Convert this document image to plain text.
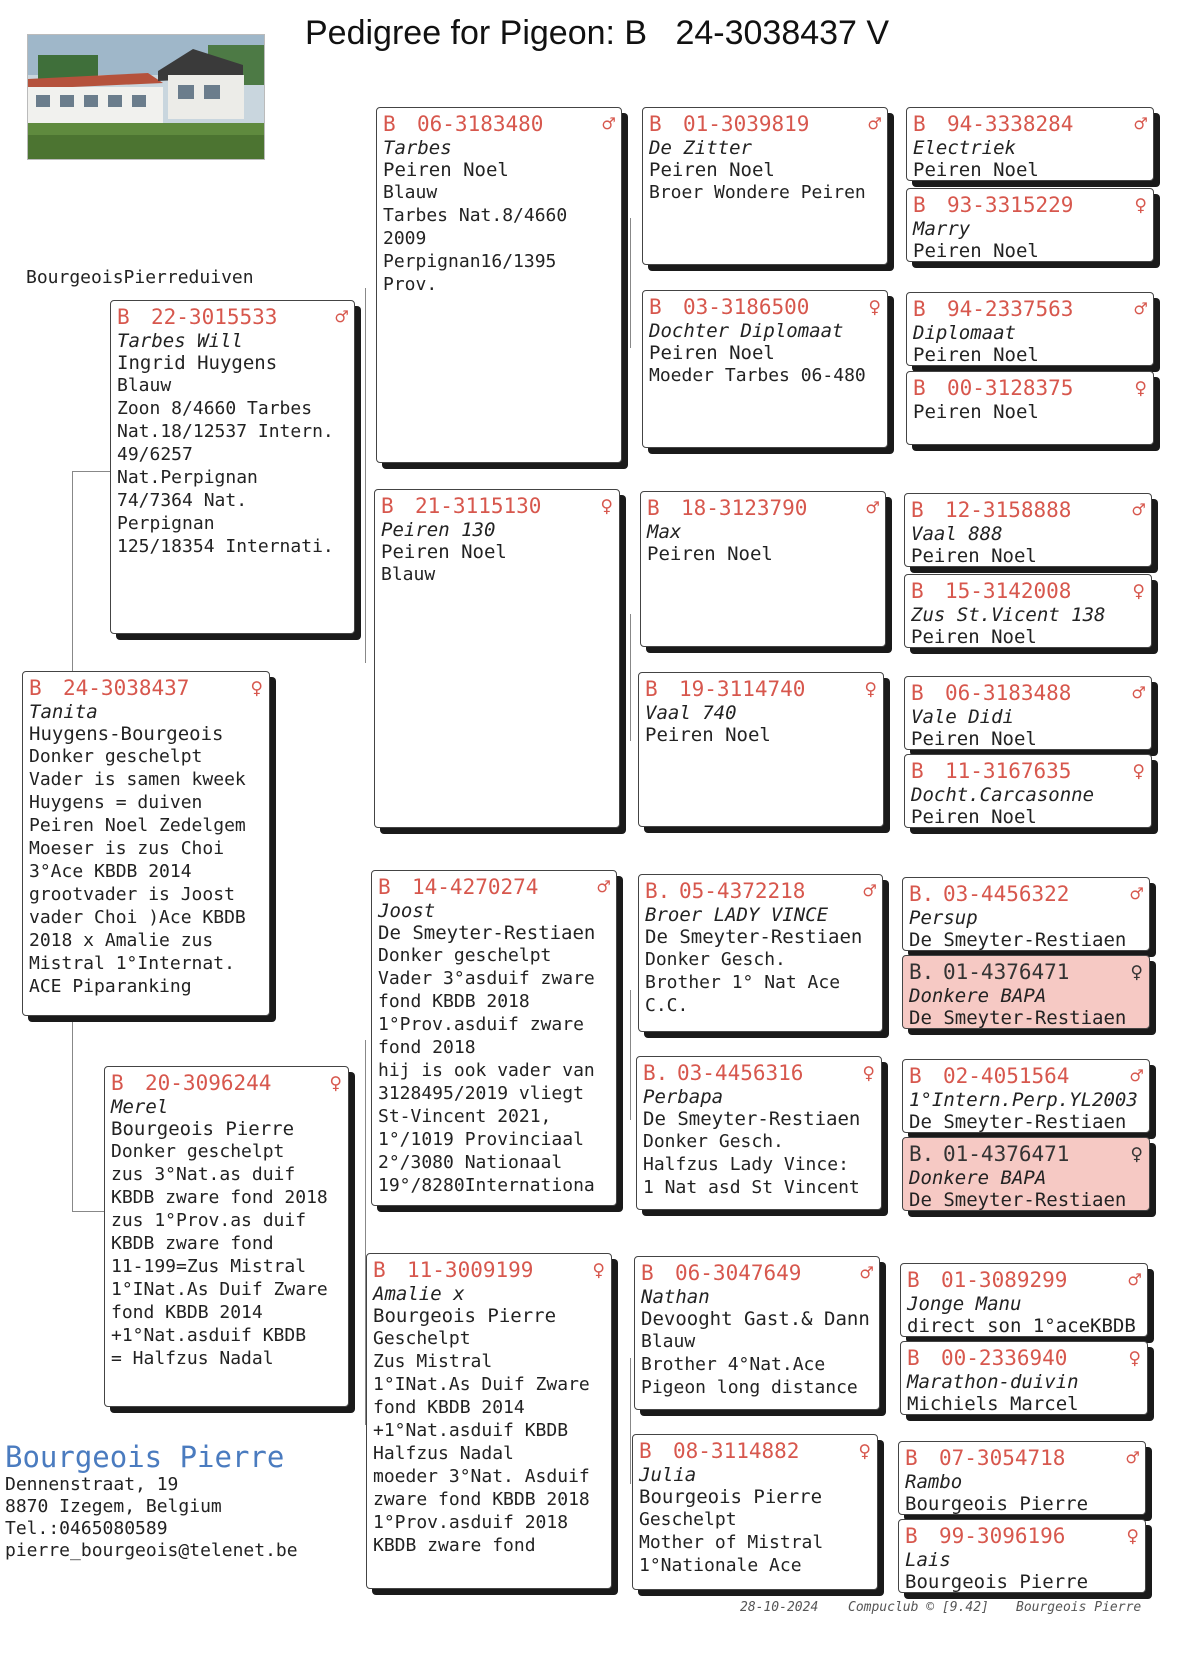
Pedigree for Pigeon: B   24-3038437 V
BourgeoisPierreduiven
B	24-3038437	♀
Tanita
Huygens-Bourgeois
Donker geschelpt
Vader is samen kweek
Huygens = duiven
Peiren Noel Zedelgem
Moeser is zus Choi
3°Ace KBDB 2014
grootvader is Joost
vader Choi )Ace KBDB
2018 x Amalie zus
Mistral 1°Internat.
ACE Piparanking
B	22-3015533	♂
Tarbes Will
Ingrid Huygens
Blauw
Zoon 8/4660 Tarbes
Nat.18/12537 Intern.
49/6257
Nat.Perpignan
74/7364 Nat.
Perpignan
125/18354 Internati.
B	20-3096244	♀
Merel
Bourgeois Pierre
Donker geschelpt
zus 3°Nat.as duif
KBDB zware fond 2018
zus 1°Prov.as duif
KBDB zware fond
11-199=Zus Mistral
1°INat.As Duif Zware
fond KBDB 2014
+1°Nat.asduif KBDB
= Halfzus Nadal
B	06-3183480	♂
Tarbes
Peiren Noel
Blauw
Tarbes Nat.8/4660
2009
Perpignan16/1395
Prov.
B	21-3115130	♀
Peiren 130
Peiren Noel
Blauw
B	14-4270274	♂
Joost
De Smeyter-Restiaen
Donker geschelpt
Vader 3°asduif zware
fond KBDB 2018
1°Prov.asduif zware
fond 2018
hij is ook vader van
3128495/2019 vliegt
St-Vincent 2021,
1°/1019 Provinciaal
2°/3080 Nationaal
19°/8280Internationa
B	11-3009199	♀
Amalie x
Bourgeois Pierre
Geschelpt
Zus Mistral
1°INat.As Duif Zware
fond KBDB 2014
+1°Nat.asduif KBDB
Halfzus Nadal
moeder 3°Nat. Asduif
zware fond KBDB 2018
1°Prov.asduif 2018
KBDB zware fond
B	01-3039819	♂
De Zitter
Peiren Noel
Broer Wondere Peiren
B	03-3186500	♀
Dochter Diplomaat
Peiren Noel
Moeder Tarbes 06-480
B	18-3123790	♂
Max
Peiren Noel
B	19-3114740	♀
Vaal 740
Peiren Noel
B. 05-4372218	♂
Broer LADY VINCE
De Smeyter-Restiaen
Donker Gesch.
Brother 1° Nat Ace
C.C.
B. 03-4456316	♀
Perbapa
De Smeyter-Restiaen
Donker Gesch.
Halfzus Lady Vince:
1 Nat asd St Vincent
B	06-3047649	♂
Nathan
Devooght Gast.& Dann
Blauw
Brother 4°Nat.Ace
Pigeon long distance
B	08-3114882	♀
Julia
Bourgeois Pierre
Geschelpt
Mother of Mistral
1°Nationale Ace
B	94-3338284	♂
Electriek
Peiren Noel
B	93-3315229	♀
Marry
Peiren Noel
B	94-2337563	♂
Diplomaat
Peiren Noel
B	00-3128375	♀
Peiren Noel
B	12-3158888	♂
Vaal 888
Peiren Noel
B	15-3142008	♀
Zus St.Vicent 138
Peiren Noel
B	06-3183488	♂
Vale Didi
Peiren Noel
B	11-3167635	♀
Docht.Carcasonne
Peiren Noel
B. 03-4456322	♂
Persup
De Smeyter-Restiaen
B. 01-4376471	♀
Donkere BAPA
De Smeyter-Restiaen
B	02-4051564	♂
1°Intern.Perp.YL2003
De Smeyter-Restiaen
B. 01-4376471	♀
Donkere BAPA
De Smeyter-Restiaen
B	01-3089299	♂
Jonge Manu
direct son 1°aceKBDB
B	00-2336940	♀
Marathon-duivin
Michiels Marcel
B	07-3054718	♂
Rambo
Bourgeois Pierre
B	99-3096196	♀
Lais
Bourgeois Pierre
Bourgeois Pierre
Dennenstraat, 19
8870 Izegem, Belgium
Tel.:0465080589
pierre_bourgeois@telenet.be
28-10-2024 Compuclub © [9.42] Bourgeois Pierre
